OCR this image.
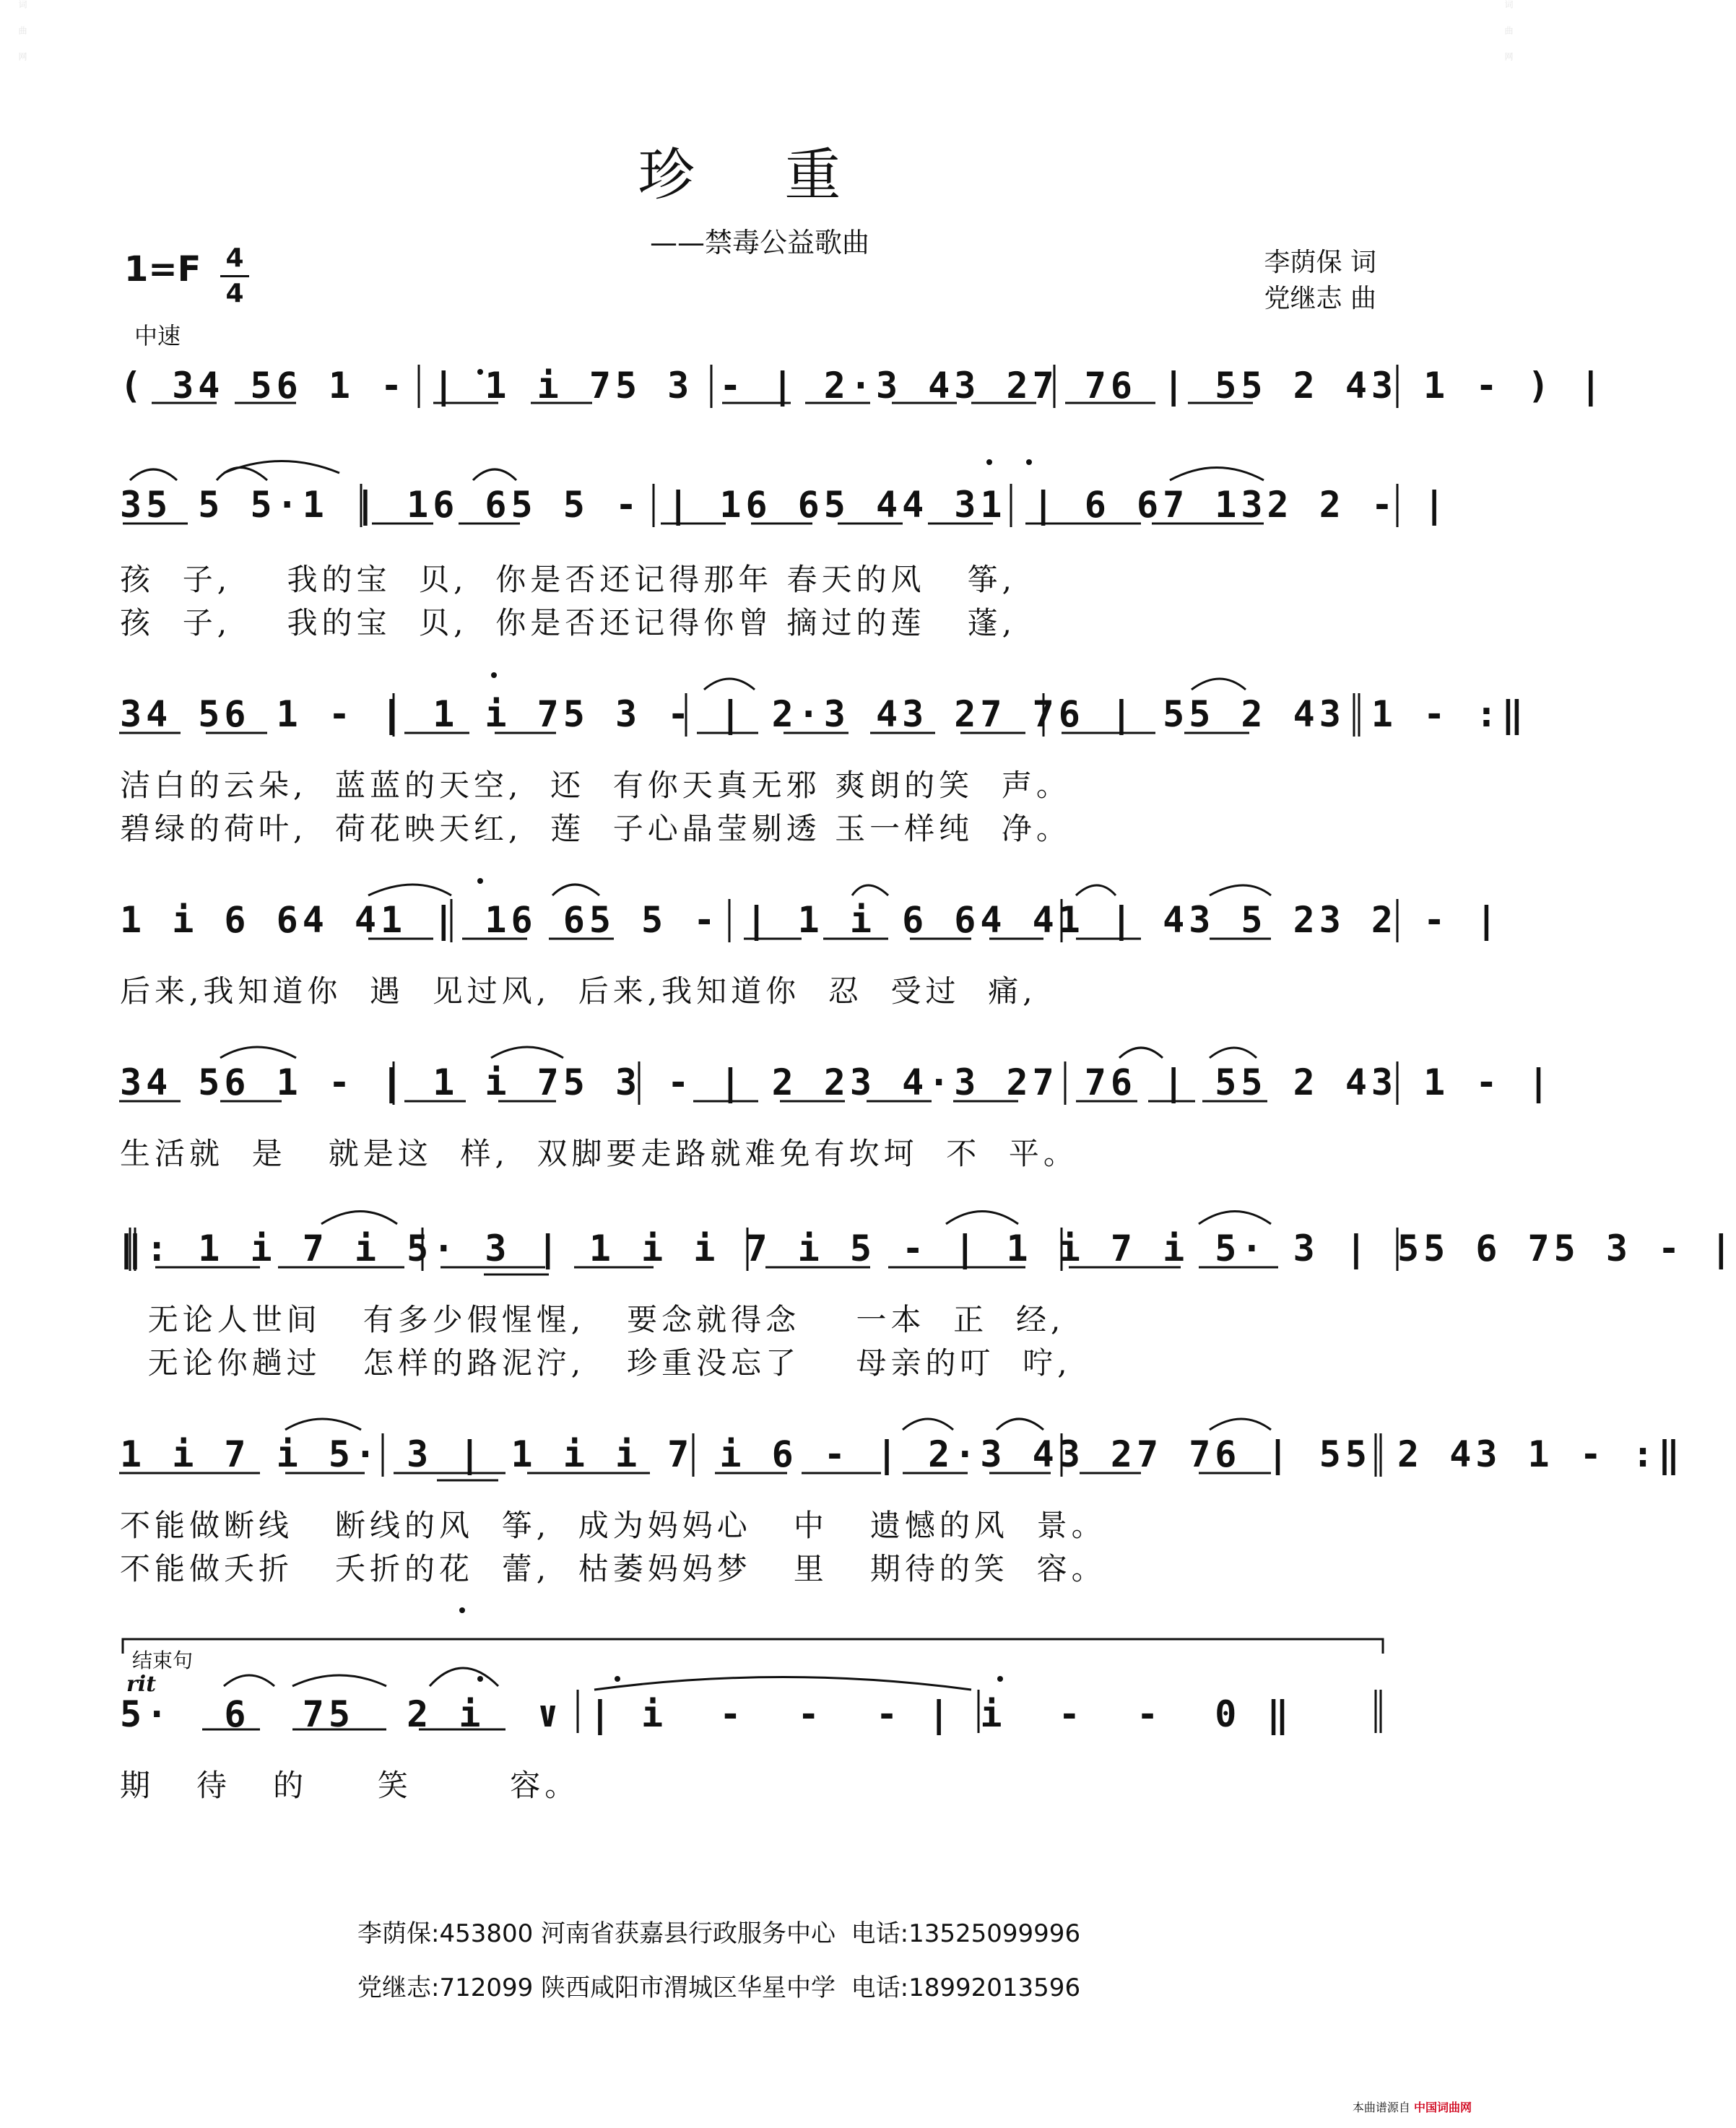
词曲网	词曲网
珍 重
——禁毒公益歌曲
1=F 4
4
李荫保 词
党继志 曲
中速
( 34 56 1 - | 1 i 75 3 - | 2·3 43 27 76 | 55 2 43 1 - ) |
35 5 5·1 | 16 65 5 - | 16 65 44 31 | 6 67 132 2 - |
孩  子,    我的宝  贝,  你是否还记得那年 春天的风   筝,
孩  子,    我的宝  贝,  你是否还记得你曾 摘过的莲   蓬,
34 56 1 - | 1 i 75 3 - | 2·3 43 27 76 | 55 2 43 1 - :‖
洁白的云朵,  蓝蓝的天空,  还  有你天真无邪 爽朗的笑  声。
碧绿的荷叶,  荷花映天红,  莲  子心晶莹剔透 玉一样纯  净。
1 i 6 64 41 | 16 65 5 - | 1 i 6 64 41 | 43 5 23 2 - |
后来,我知道你  遇  见过风,  后来,我知道你  忍  受过  痛,
34 56 1 - | 1 i 75 3 - | 2 23 4·3 27 76 | 55 2 43 1 - |
生活就  是   就是这  样,  双脚要走路就难免有坎坷  不  平。
‖: 1 i 7 i 5· 3 | 1 i i 7 i 5 - | 1 i 7 i 5· 3 | 55 6 75 3 - |
无论人世间   有多少假惺惺,   要念就得念    一本  正  经,
无论你趟过   怎样的路泥泞,   珍重没忘了    母亲的叮  咛,
1 i 7 i 5· 3 | 1 i i 7 i 6 - | 2·3 43 27 76 | 55 2 43 1 - :‖
不能做断线   断线的风  筝,  成为妈妈心   中   遗憾的风  景。
不能做夭折   夭折的花  蕾,  枯萎妈妈梦   里   期待的笑  容。
结束句
rit
5·  6  75  2 i  ∨ | i  -  -  - | i  -  -  0 ‖
期   待   的     笑       容。
李荫保:453800 河南省获嘉县行政服务中心  电话:13525099996
党继志:712099 陕西咸阳市渭城区华星中学  电话:18992013596
本曲谱源自 中国词曲网
